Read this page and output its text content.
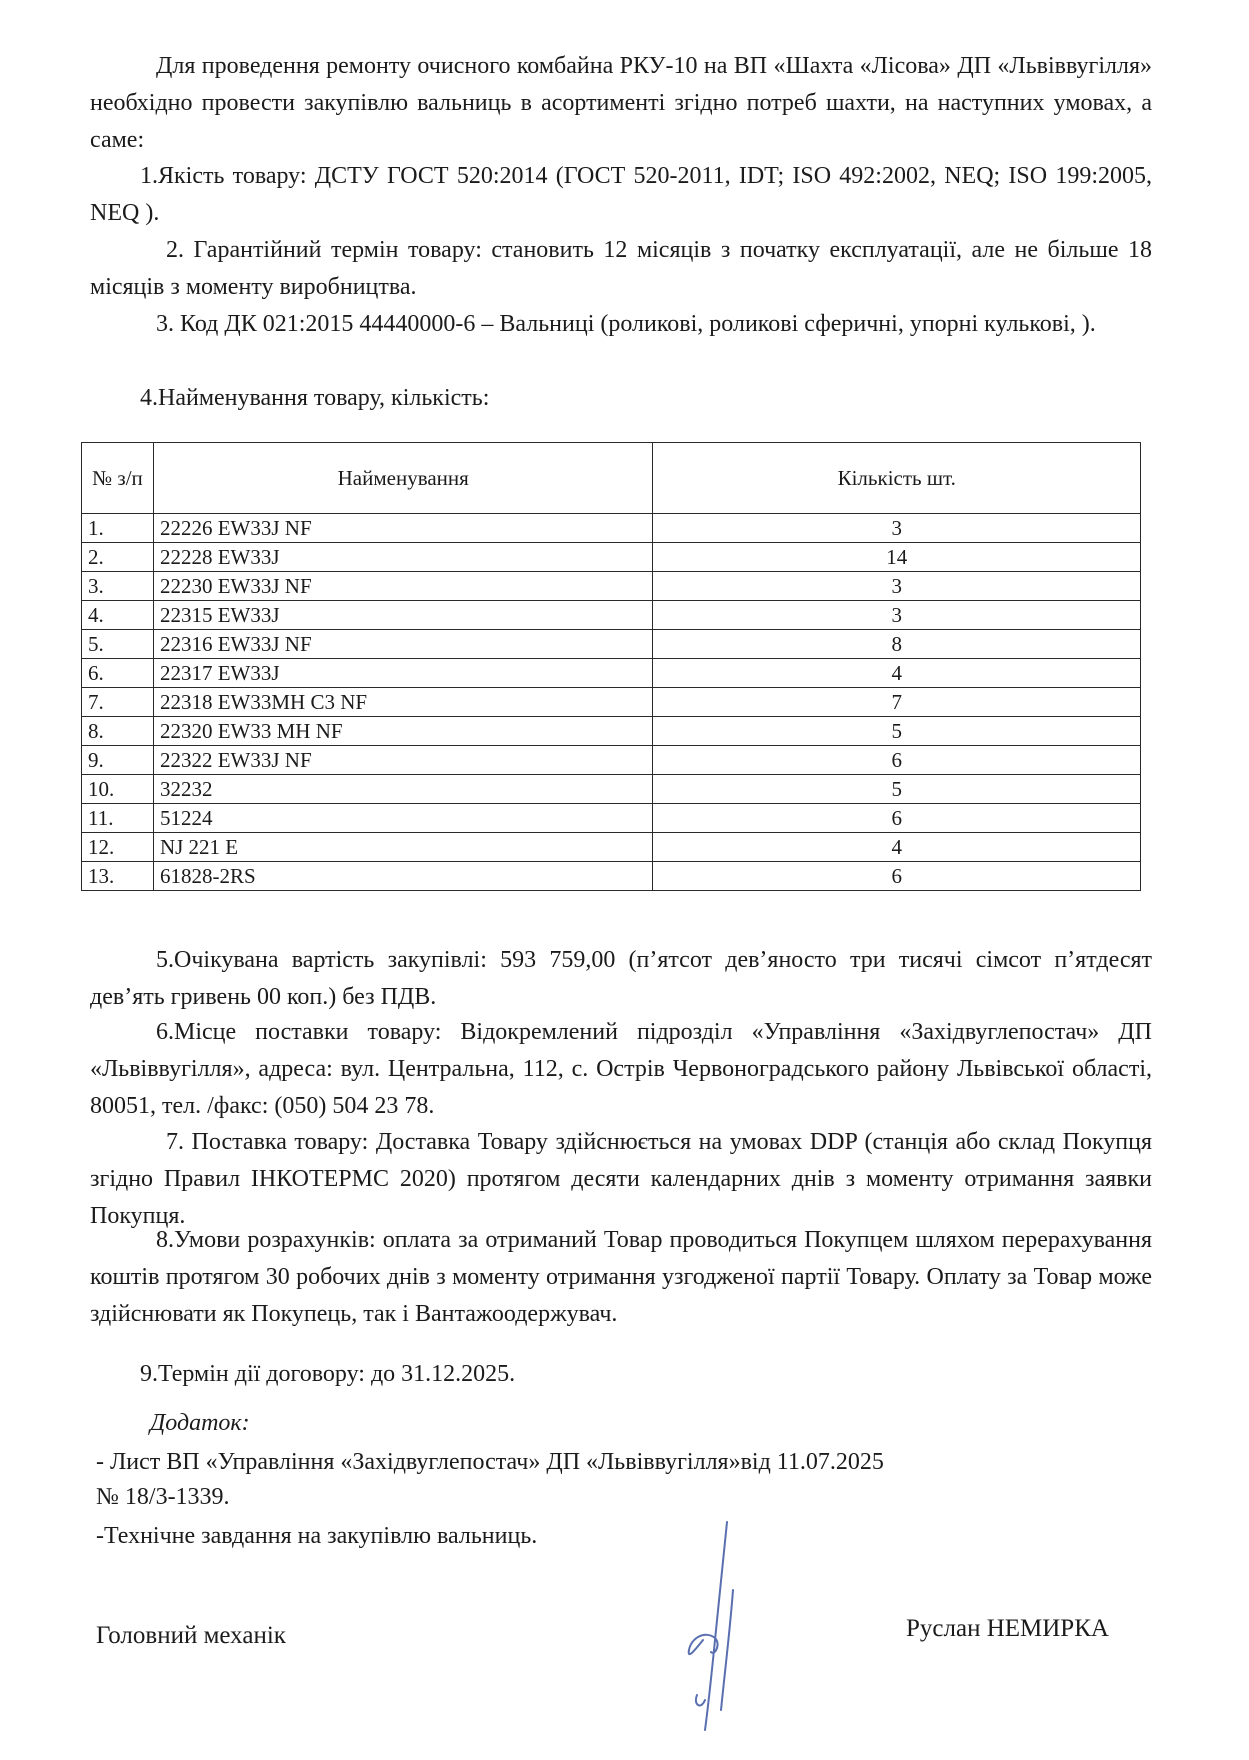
Для проведення ремонту очисного комбайна РКУ-10 на ВП «Шахта «Лісова» ДП «Львіввугілля» необхідно провести закупівлю вальниць в асортименті згідно потреб шахти, на наступних умовах, а саме:

1.Якість товару: ДСТУ ГОСТ 520:2014 (ГОСТ 520-2011, IDT; ISO 492:2002, NEQ; ISO 199:2005, NEQ ).

2. Гарантійний термін товару: становить 12 місяців з початку експлуатації, але не більше 18 місяців з моменту виробництва.

3. Код ДК 021:2015 44440000-6 – Вальниці (роликові, роликові сферичні, упорні кулькові, ).

4.Найменування товару, кількість:

№ з/п	Найменування	Кількість шт.
1.	22226 EW33J NF	3
2.	22228 EW33J	14
3.	22230 EW33J NF	3
4.	22315 EW33J	3
5.	22316 EW33J NF	8
6.	22317 EW33J	4
7.	22318 EW33MH C3 NF	7
8.	22320 EW33 MH NF	5
9.	22322 EW33J NF	6
10.	32232	5
11.	51224	6
12.	NJ 221 E	4
13.	61828-2RS	6

5.Очікувана вартість закупівлі: 593 759,00 (п’ятсот дев’яносто три тисячі сімсот п’ятдесят дев’ять гривень 00 коп.) без ПДВ.

6.Місце поставки товару: Відокремлений підрозділ «Управління «Західвуглепостач» ДП «Львіввугілля», адреса: вул. Центральна, 112, с. Острів Червоноградського району Львівської області, 80051, тел. /факс: (050) 504 23 78.

7. Поставка товару: Доставка Товару здійснюється на умовах DDP (станція або склад Покупця згідно Правил ІНКОТЕРМС 2020) протягом десяти календарних днів з моменту отримання заявки Покупця.

8.Умови розрахунків: оплата за отриманий Товар проводиться Покупцем шляхом перерахування коштів протягом 30 робочих днів з моменту отримання узгодженої партії Товару. Оплату за Товар може здійснювати як Покупець, так і Вантажоодержувач.

9.Термін дії договору: до 31.12.2025.

Додаток:

- Лист ВП «Управління «Західвуглепостач» ДП «Львіввугілля»від 11.07.2025

№ 18/3-1339.

-Технічне завдання на закупівлю вальниць.

Головний механік	Руслан НЕМИРКА
